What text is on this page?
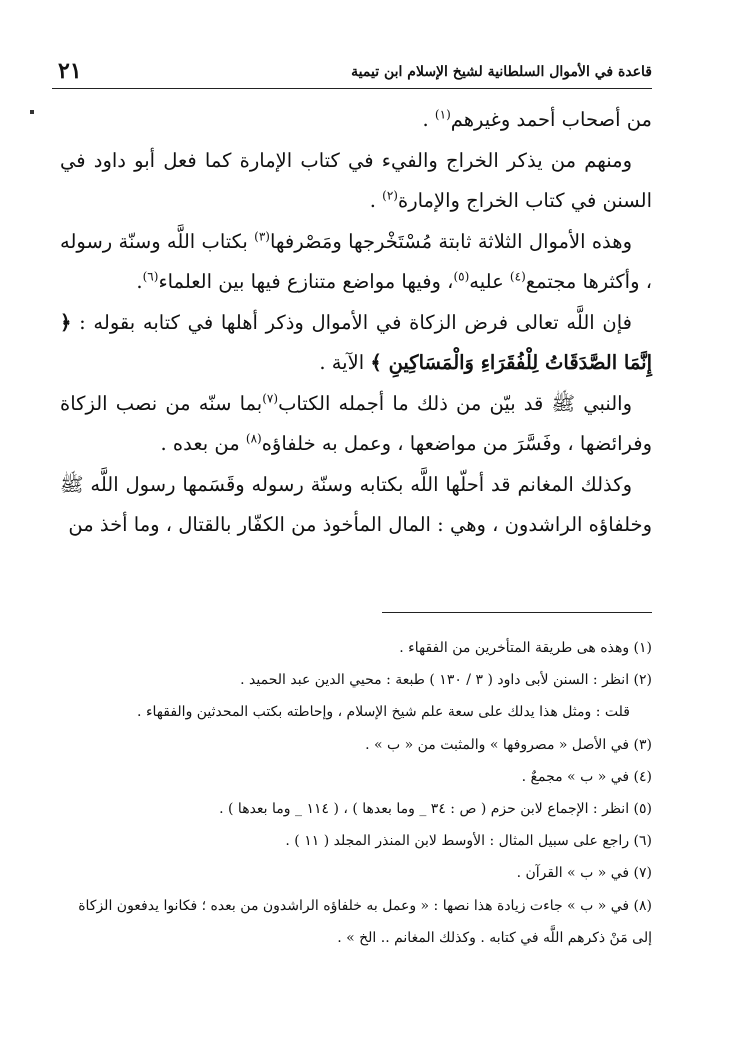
قاعدة في الأموال السلطانية لشيخ الإسلام ابن تيمية
٢١

من أصحاب أحمد وغيرهم$^{(١)}$ .

ومنهم من يذكر الخراج والفيء في كتاب الإمارة كما فعل أبو داود في السنن في كتاب الخراج والإمارة$^{(٢)}$ .

وهذه الأموال الثلاثة ثابتة مُسْتَخْرجها ومَصْرفها$^{(٣)}$ بكتاب اللَّه وسنّة رسوله ، وأكثرها مجتمع$^{(٤)}$ عليه$^{(٥)}$، وفيها مواضع متنازع فيها بين العلماء$^{(٦)}$.

فإن اللَّه تعالى فرض الزكاة في الأموال وذكر أهلها في كتابه بقوله : ﴿ إِنَّمَا الصَّدَقَاتُ لِلْفُقَرَاءِ وَالْمَسَاكِينِ ﴾ الآية .

والنبي ﷺ قد بيّن من ذلك ما أجمله الكتاب$^{(٧)}$بما سنّه من نصب الزكاة وفرائضها ، وفَسَّرَ من مواضعها ، وعمل به خلفاؤه$^{(٨)}$ من بعده .

وكذلك المغانم قد أحلّها اللَّه بكتابه وسنّة رسوله وقَسَمها رسول اللَّه ﷺ وخلفاؤه الراشدون ، وهي : المال المأخوذ من الكفّار بالقتال ، وما أخذ من

(١) وهذه هى طريقة المتأخرين من الفقهاء .

(٢) انظر : السنن لأبى داود ( ٣ / ١٣٠ ) طبعة : محيي الدين عبد الحميد .

قلت : ومثل هذا يدلك على سعة علم شيخ الإسلام ، وإحاطته بكتب المحدثين والفقهاء .

(٣) في الأصل « مصروفها » والمثبت من « ب » .

(٤) في « ب » مجمعٌ .

(٥) انظر : الإجماع لابن حزم ( ص : ٣٤ _ وما بعدها ) ، ( ١١٤ _ وما بعدها ) .

(٦) راجع على سبيل المثال : الأوسط لابن المنذر المجلد ( ١١ ) .

(٧) في « ب » القرآن .

(٨) في « ب » جاءت زيادة هذا نصها : « وعمل به خلفاؤه الراشدون من بعده ؛ فكانوا يدفعون الزكاة إلى مَنْ ذكرهم اللَّه في كتابه . وكذلك المغانم .. الخ » .
